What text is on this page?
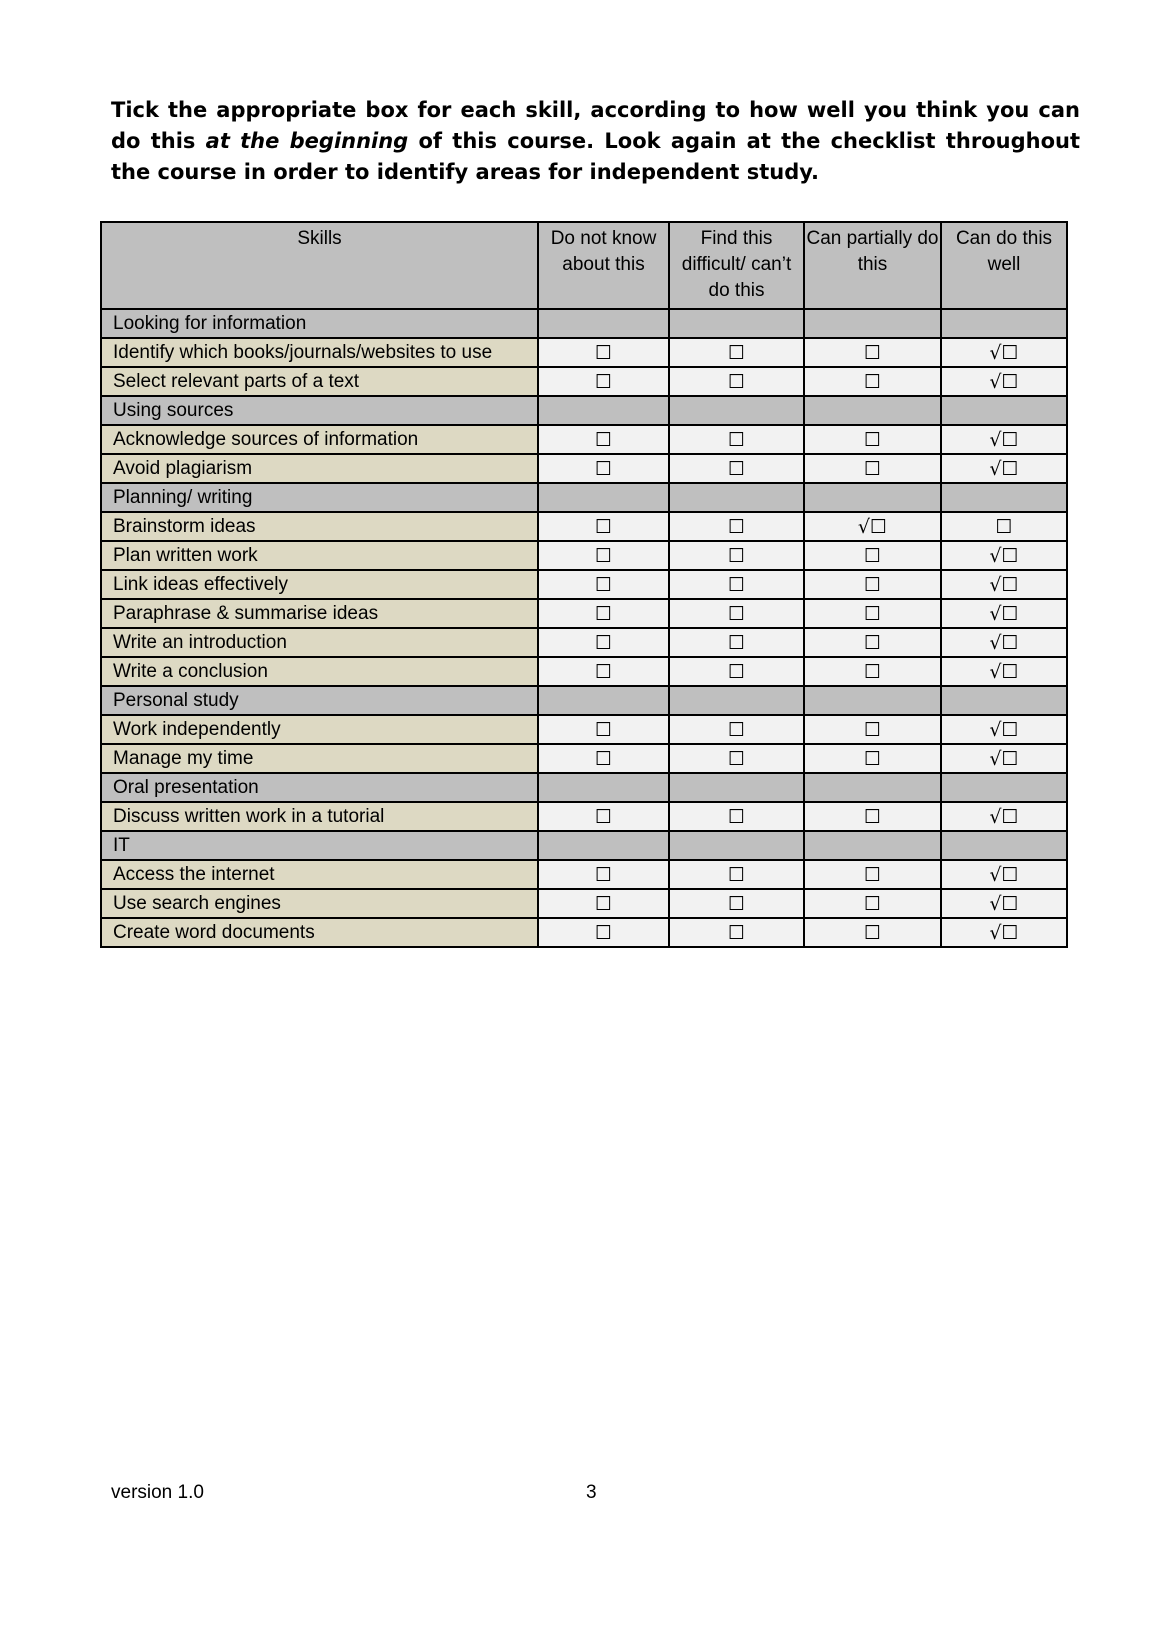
Tick the appropriate box for each skill, according to how well you think you can do this at the beginning of this course. Look again at the checklist throughout the course in order to identify areas for independent study.

Skills	Do not know about this	Find this difficult/ can’t do this	Can partially do this	Can do this well
Looking for information				
Identify which books/journals/websites to use	☐	☐	☐	√☐
Select relevant parts of a text	☐	☐	☐	√☐
Using sources				
Acknowledge sources of information	☐	☐	☐	√☐
Avoid plagiarism	☐	☐	☐	√☐
Planning/ writing				
Brainstorm ideas	☐	☐	√☐	☐
Plan written work	☐	☐	☐	√☐
Link ideas effectively	☐	☐	☐	√☐
Paraphrase & summarise ideas	☐	☐	☐	√☐
Write an introduction	☐	☐	☐	√☐
Write a conclusion	☐	☐	☐	√☐
Personal study				
Work independently	☐	☐	☐	√☐
Manage my time	☐	☐	☐	√☐
Oral presentation				
Discuss written work in a tutorial	☐	☐	☐	√☐
IT				
Access the internet	☐	☐	☐	√☐
Use search engines	☐	☐	☐	√☐
Create word documents	☐	☐	☐	√☐
version 1.0	3
